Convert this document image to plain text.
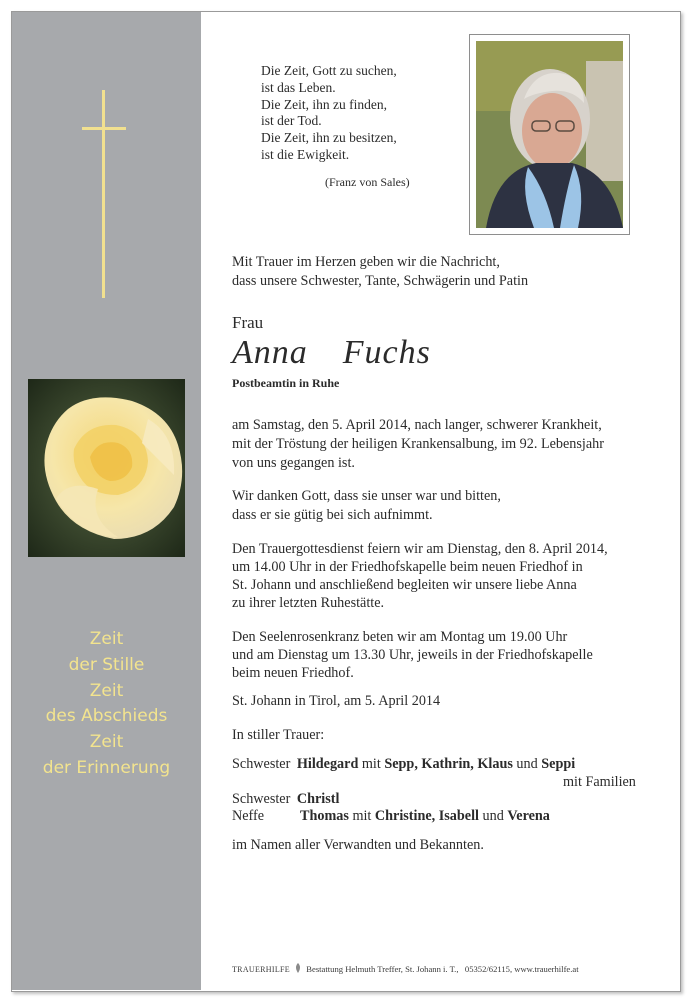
Zeit
der Stille
Zeit
des Abschieds
Zeit
der Erinnerung
Die Zeit, Gott zu suchen,
ist das Leben.
Die Zeit, ihn zu finden,
ist der Tod.
Die Zeit, ihn zu besitzen,
ist die Ewigkeit.
(Franz von Sales)
Mit Trauer im Herzen geben wir die Nachricht,
dass unsere Schwester, Tante, Schwägerin und Patin
Frau
Anna  Fuchs
Postbeamtin in Ruhe
am Samstag, den 5. April 2014, nach langer, schwerer Krankheit,
mit der Tröstung der heiligen Krankensalbung, im 92. Lebensjahr
von uns gegangen ist.
Wir danken Gott, dass sie unser war und bitten,
dass er sie gütig bei sich aufnimmt.
Den Trauergottesdienst feiern wir am Dienstag, den 8. April 2014,
um 14.00 Uhr in der Friedhofskapelle beim neuen Friedhof in
St. Johann und anschließend begleiten wir unsere liebe Anna
zu ihrer letzten Ruhestätte.
Den Seelenrosenkranz beten wir am Montag um 19.00 Uhr
und am Dienstag um 13.30 Uhr, jeweils in der Friedhofskapelle
beim neuen Friedhof.
St. Johann in Tirol, am 5. April 2014
In stiller Trauer:
Schwester Hildegard mit Sepp, Kathrin, Klaus und Seppi
mit Familien
Schwester Christl
Neffe	Thomas mit Christine, Isabell und Verena
im Namen aller Verwandten und Bekannten.
TRAUERHILFE Bestattung Helmuth Treffer, St. Johann i. T.,   05352/62115, www.trauerhilfe.at
